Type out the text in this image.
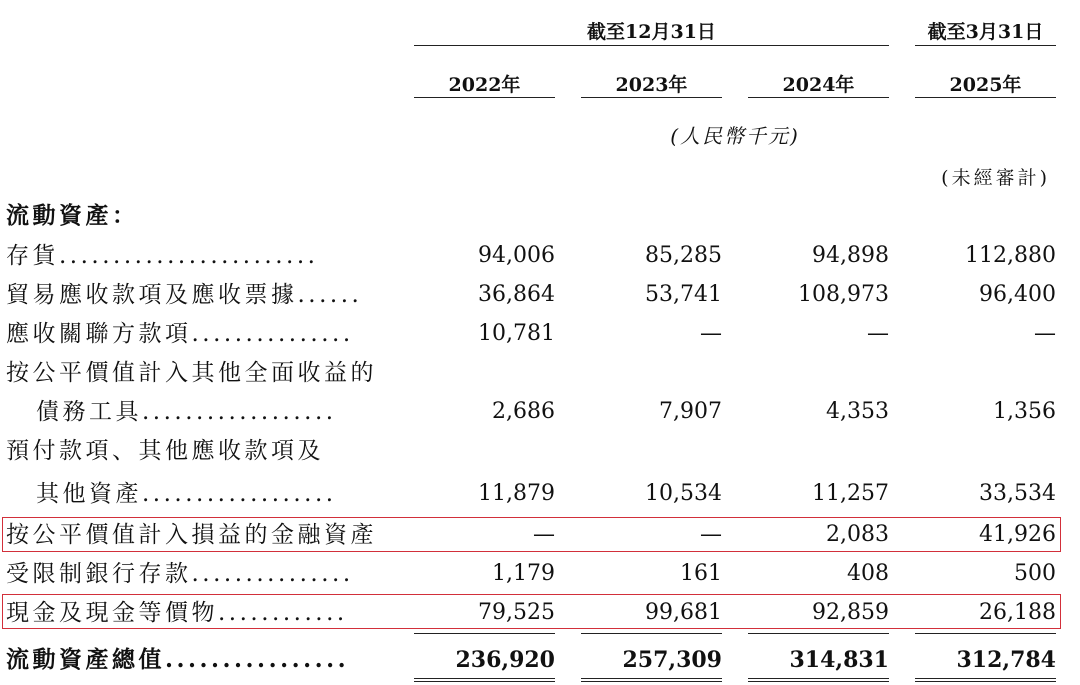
截至12月31日	截至3月31日
2022年	2023年	2024年	2025年
(人民幣千元)
(未經審計)
流動資產：
存貨........................	94,006	85,285	94,898	112,880
貿易應收款項及應收票據......	36,864	53,741	108,973	96,400
應收關聯方款項...............	10,781	—	—	—
按公平價值計入其他全面收益的
債務工具..................	2,686	7,907	4,353	1,356
預付款項、其他應收款項及
其他資產..................	11,879	10,534	11,257	33,534
按公平價值計入損益的金融資產	—	—	2,083	41,926
受限制銀行存款...............	1,179	161	408	500
現金及現金等價物............	79,525	99,681	92,859	26,188
流動資產總值................	236,920	257,309	314,831	312,784
